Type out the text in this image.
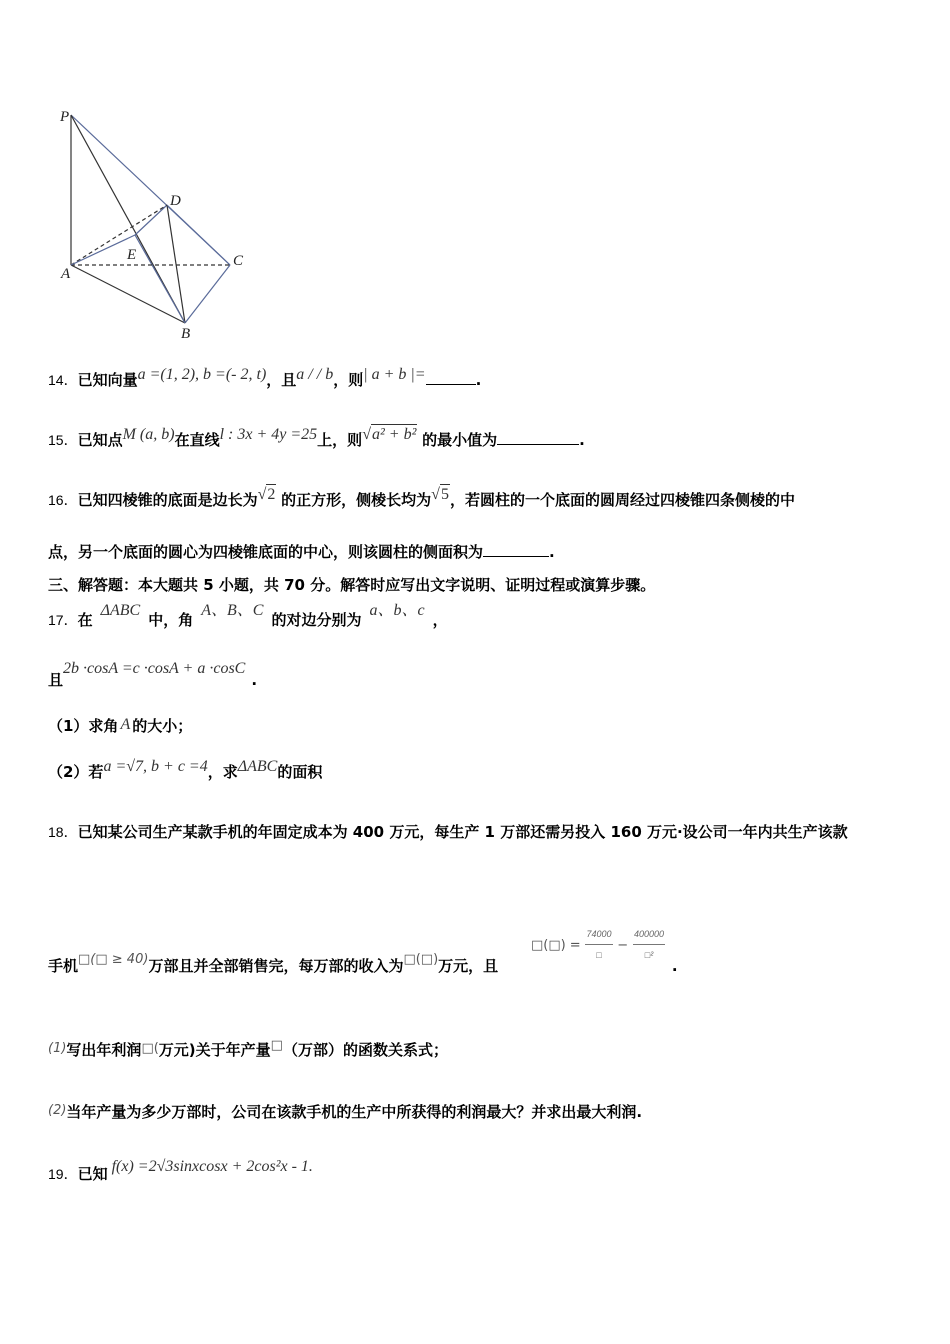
P
D
A
E	C
B
14．已知向量a =(1, 2), b =(- 2, t)，且a / / b，则| a + b |=	.
15．已知点M (a, b)在直线l : 3x + 4y =25上，则√a² + b² 的最小值为	.
16．已知四棱锥的底面是边长为√2 的正方形，侧棱长均为√5，若圆柱的一个底面的圆周经过四棱锥四条侧棱的中
点，另一个底面的圆心为四棱锥底面的中心，则该圆柱的侧面积为	.
三、解答题：本大题共 5 小题，共 70 分。解答时应写出文字说明、证明过程或演算步骤。
17．在ΔABC中，角A、B、C的对边分别为a、b、c，
且2b ·cosA =c ·cosA + a ·cosC.
（1）求角 A 的大小；
（2）若a =√7, b + c =4，求ΔABC的面积
18．已知某公司生产某款手机的年固定成本为 400 万元，每生产 1 万部还需另投入 160 万元·设公司一年内共生产该款
手机□(□ ≥ 40)万部且并全部销售完，每万部的收入为□(□)万元，且 □(□) = $\frac{74000}{□} - \frac{400000}{\text{□²}}$
.
(1)写出年利润□(万元)关于年产量□（万部）的函数关系式；
(2)当年产量为多少万部时，公司在该款手机的生产中所获得的利润最大？并求出最大利润.
19．已知 f(x) =2√3sinxcosx + 2cos²x - 1.
